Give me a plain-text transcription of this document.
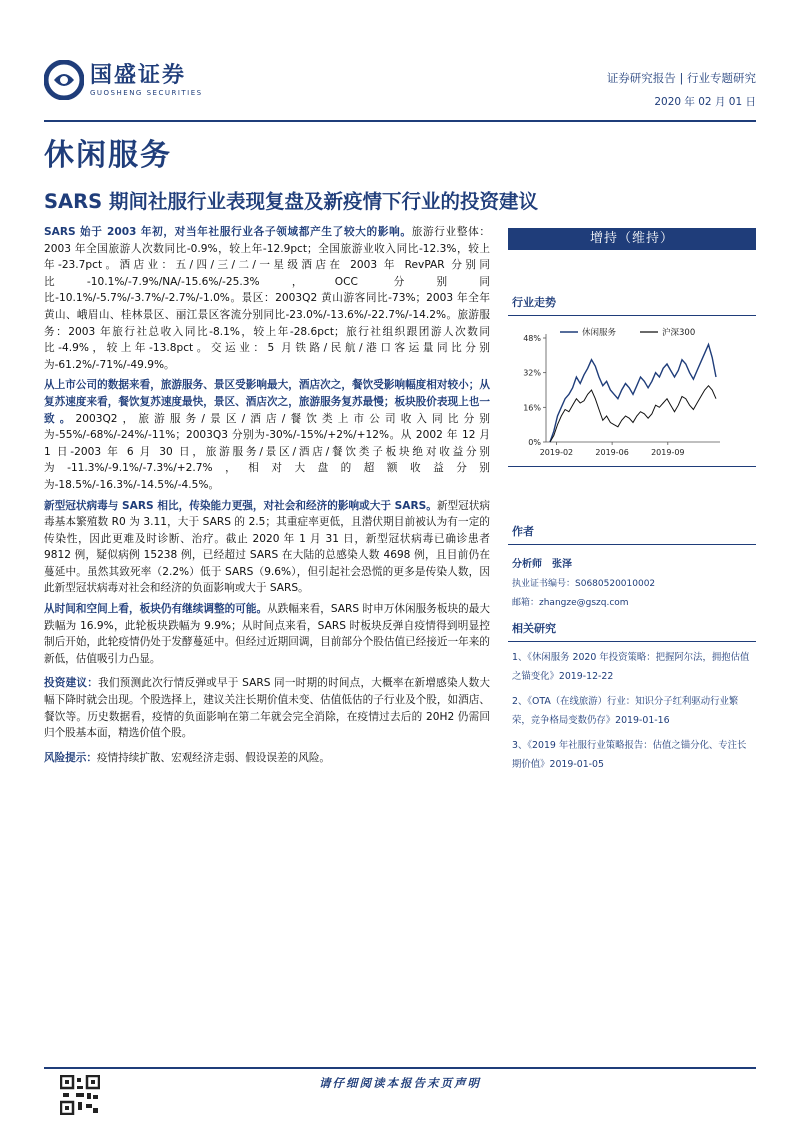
国盛证券
GUOSHENG SECURITIES
证券研究报告 | 行业专题研究
2020 年 02 月 01 日
休闲服务
SARS 期间社服行业表现复盘及新疫情下行业的投资建议

SARS 始于 2003 年初，对当年社服行业各子领域都产生了较大的影响。旅游行业整体：2003 年全国旅游人次数同比-0.9%，较上年-12.9pct；全国旅游业收入同比-12.3%，较上年-23.7pct。酒店业：五/四/三/二/一星级酒店在 2003 年 RevPAR 分别同比-10.1%/-7.9%/NA/-15.6%/-25.3%，OCC 分别同比-10.1%/-5.7%/-3.7%/-2.7%/-1.0%。景区：2003Q2 黄山游客同比-73%；2003 年全年黄山、峨眉山、桂林景区、丽江景区客流分别同比-23.0%/-13.6%/-22.7%/-14.2%。旅游服务：2003 年旅行社总收入同比-8.1%，较上年-28.6pct；旅行社组织跟团游人次数同比-4.9%，较上年-13.8pct。交运业：5 月铁路/民航/港口客运量同比分别为-61.2%/-71%/-49.9%。

从上市公司的数据来看，旅游服务、景区受影响最大，酒店次之，餐饮受影响幅度相对较小；从复苏速度来看，餐饮复苏速度最快，景区、酒店次之，旅游服务复苏最慢；板块股价表现上也一致。2003Q2，旅游服务/景区/酒店/餐饮类上市公司收入同比分别为-55%/-68%/-24%/-11%；2003Q3 分别为-30%/-15%/+2%/+12%。从 2002 年 12 月 1 日-2003 年 6 月 30 日，旅游服务/景区/酒店/餐饮类子板块绝对收益分别为-11.3%/-9.1%/-7.3%/+2.7%，相对大盘的超额收益分别为-18.5%/-16.3%/-14.5%/-4.5%。

新型冠状病毒与 SARS 相比，传染能力更强，对社会和经济的影响或大于 SARS。新型冠状病毒基本繁殖数 R0 为 3.11，大于 SARS 的 2.5；其重症率更低，且潜伏期目前被认为有一定的传染性，因此更难及时诊断、治疗。截止 2020 年 1 月 31 日，新型冠状病毒已确诊患者 9812 例，疑似病例 15238 例，已经超过 SARS 在大陆的总感染人数 4698 例，且目前仍在蔓延中。虽然其致死率（2.2%）低于 SARS（9.6%），但引起社会恐慌的更多是传染人数，因此新型冠状病毒对社会和经济的负面影响或大于 SARS。

从时间和空间上看，板块仍有继续调整的可能。从跌幅来看，SARS 时申万休闲服务板块的最大跌幅为 16.9%，此轮板块跌幅为 9.9%；从时间点来看，SARS 时板块反弹自疫情得到明显控制后开始，此轮疫情仍处于发酵蔓延中。但经过近期回调，目前部分个股估值已经接近一年来的新低，估值吸引力凸显。

投资建议：我们预测此次行情反弹或早于 SARS 同一时期的时间点，大概率在新增感染人数大幅下降时就会出现。个股选择上，建议关注长期价值未变、估值低估的子行业及个股，如酒店、餐饮等。历史数据看，疫情的负面影响在第二年就会完全消除，在疫情过去后的 20H2 仍需回归个股基本面，精选价值个股。

风险提示：疫情持续扩散、宏观经济走弱、假设误差的风险。

增持（维持）
行业走势
0%
16%
32%
48%
2019-02	2019-06	2019-09
休闲服务	沪深300
作者
分析师　张泽
执业证书编号：S0680520010002
邮箱：zhangze@gszq.com
相关研究
1、《休闲服务 2020 年投资策略：把握阿尔法，拥抱估值之锚变化》2019-12-22
2、《OTA（在线旅游）行业：知识分子红利驱动行业繁荣，竞争格局变数仍存》2019-01-16
3、《2019 年社服行业策略报告：估值之锚分化、专注长期价值》2019-01-05
请仔细阅读本报告末页声明
